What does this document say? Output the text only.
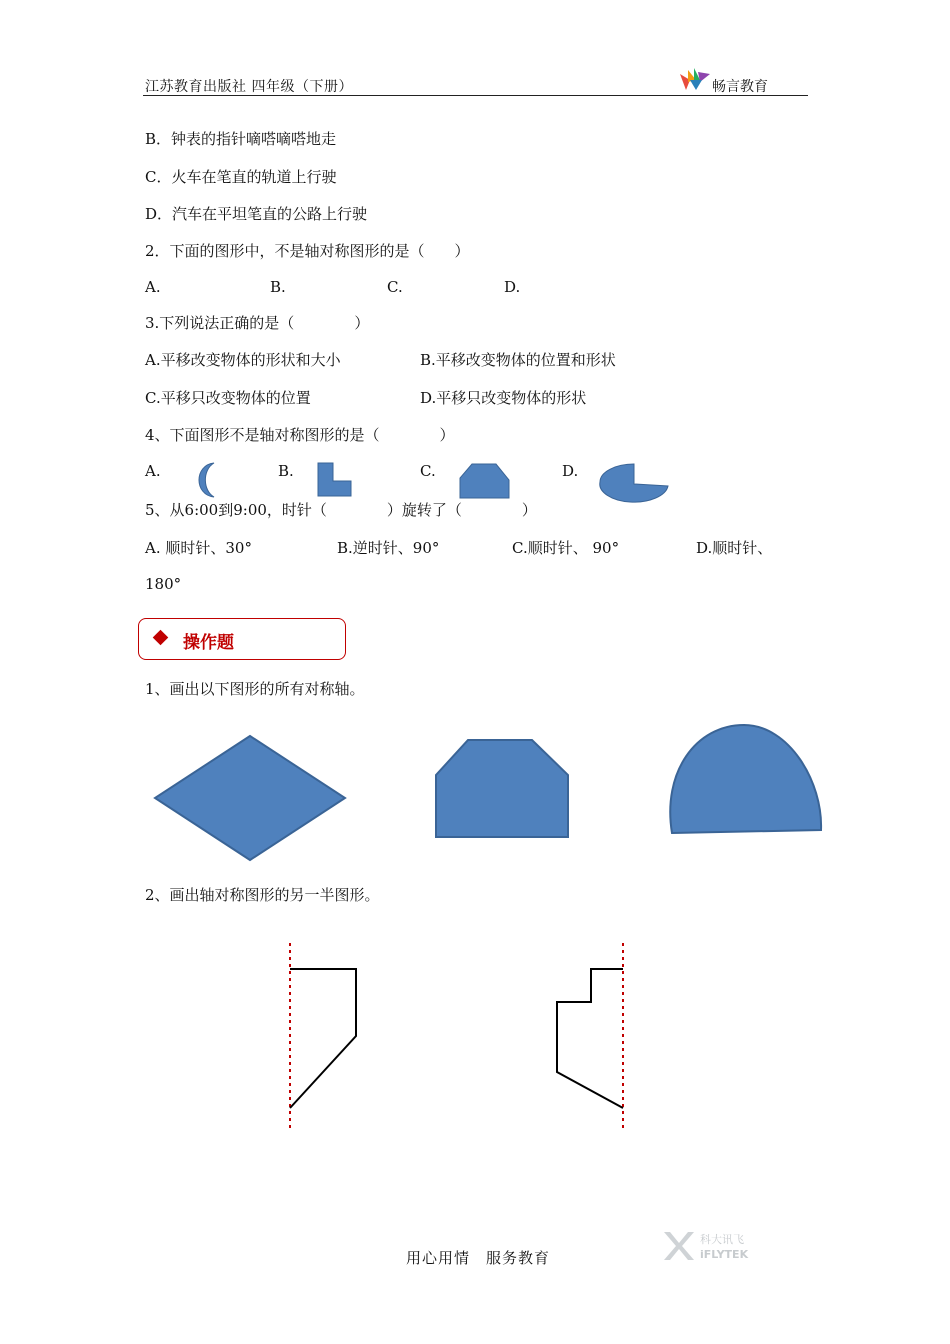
江苏教育出版社 四年级（下册）	畅言教育
B．钟表的指针嘀嗒嘀嗒地走
C．火车在笔直的轨道上行驶
D．汽车在平坦笔直的公路上行驶
2．下面的图形中，不是轴对称图形的是（　　）
A.	B.	C.	D.
3.下列说法正确的是（　　　　）
A.平移改变物体的形状和大小	B.平移改变物体的位置和形状
C.平移只改变物体的位置	D.平移只改变物体的形状
4、下面图形不是轴对称图形的是（　　　　）
A.	B.	C.	D.
5、从6:00到9:00，时针（　　　　）旋转了（　　　　）
A. 顺时针、30°	B.逆时针、90°	C.顺时针、 90°	D.顺时针、
180°
操作题
1、画出以下图形的所有对称轴。
2、画出轴对称图形的另一半图形。
用心用情　服务教育
科大讯飞
iFLYTEK
